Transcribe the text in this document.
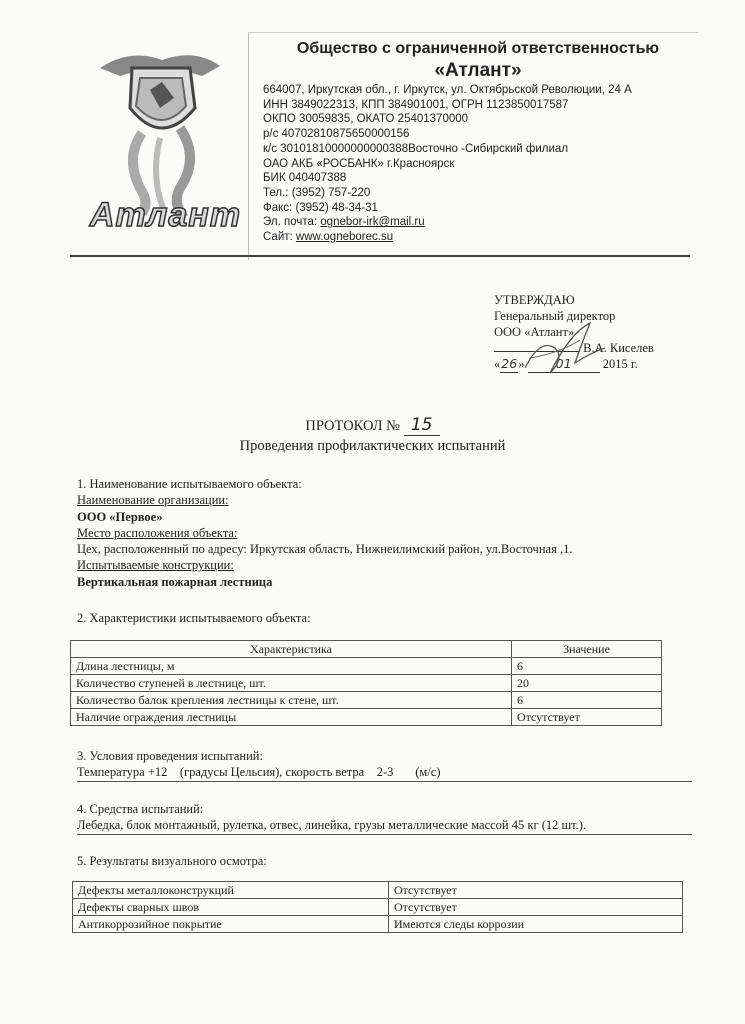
Атлант
Общество с ограниченной ответственностью
«Атлант»
664007, Иркутская обл., г. Иркутск, ул. Октябрьской Революции, 24 А
ИНН 3849022313, КПП 384901001, ОГРН 1123850017587
ОКПО 30059835, ОКАТО 25401370000
р/с 40702810875650000156
к/с 30101810000000000388Восточно -Сибирский филиал
ОАО АКБ «РОСБАНК» г.Красноярск
БИК 040407388
Тел.: (3952) 757-220
Факс: (3952) 48-34-31
Эл. почта: ognebor-irk@mail.ru
Сайт: www.ogneborec.su
УТВЕРЖДАЮ
Генеральный директор
ООО «Атлант»
В.А. Киселев
«26» 01 2015 г.
ПРОТОКОЛ № 15
Проведения профилактических испытаний
1. Наименование испытываемого объекта:
Наименование организации:
ООО «Первое»
Место расположения объекта:
Цех, расположенный по адресу: Иркутская область, Нижнеилимский район, ул.Восточная ,1.
Испытываемые конструкции:
Вертикальная пожарная лестница
2. Характеристики испытываемого объекта:
Характеристика	Значение
Длина лестницы, м	6
Количество ступеней в лестнице, шт.	20
Количество балок крепления лестницы к стене, шт.	6
Наличие ограждения лестницы	Отсутствует
3. Условия проведения испытаний:
Температура +12 (градусы Цельсия), скорость ветра 2-3 (м/с)
4. Средства испытаний:
Лебедка, блок монтажный, рулетка, отвес, линейка, грузы металлические массой 45 кг (12 шт.).
5. Результаты визуального осмотра:
Дефекты металлоконструкций	Отсутствует
Дефекты сварных швов	Отсутствует
Антикоррозийное покрытие	Имеются следы коррозии
